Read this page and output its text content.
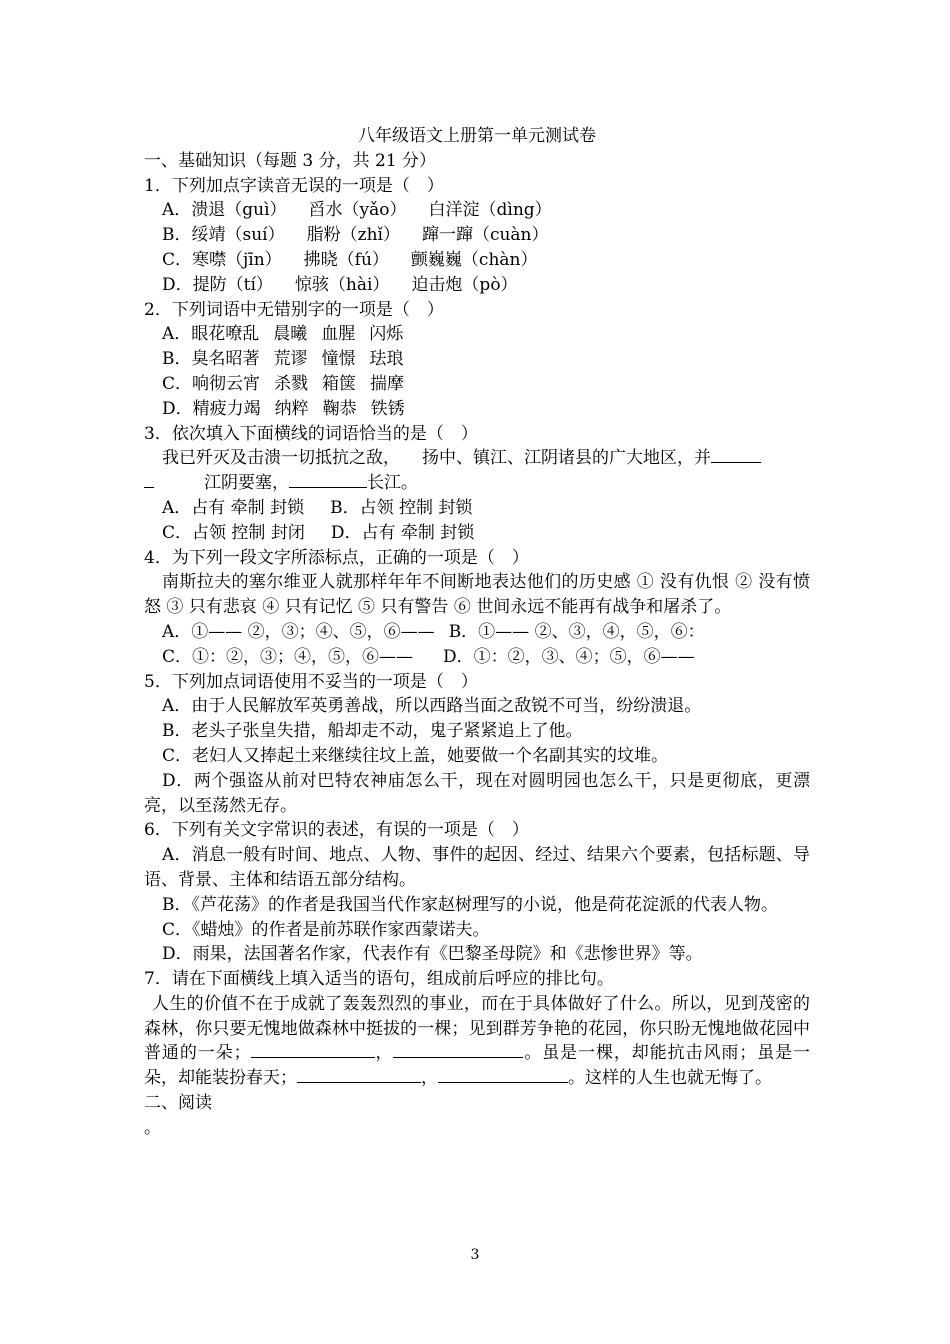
八年级语文上册第一单元测试卷
一、基础知识（每题 3 分，共 21 分）
1．下列加点字读音无误的一项是（　）
A．溃退（guì） 舀水（yǎo） 白洋淀（dìng）
B．绥靖（suí） 脂粉（zhǐ） 蹿一蹿（cuàn）
C．寒噤（jīn） 拂晓（fú） 颤巍巍（chàn）
D．提防（tí） 惊骇（hài） 迫击炮（pò）
2．下列词语中无错别字的一项是（　）
A．眼花嘹乱 晨曦 血腥 闪烁
B．臭名昭著 荒谬 憧憬 珐琅
C．响彻云宵 杀戮 箱箧 揣摩
D．精疲力竭 纳粹 鞠恭 铁锈
3．依次填入下面横线的词语恰当的是（　）
我已歼灭及击溃一切抵抗之敌， 扬中、镇江、江阴诸县的广大地区，并
江阴要塞，	长江。
A．占有 牵制 封锁 B．占领 控制 封锁
C．占领 控制 封闭 D．占有 牵制 封锁
4．为下列一段文字所添标点，正确的一项是（　）
南斯拉夫的塞尔维亚人就那样年年不间断地表达他们的历史感 ① 没有仇恨 ② 没有愤怒 ③ 只有悲哀 ④ 只有记忆 ⑤ 只有警告 ⑥ 世间永远不能再有战争和屠杀了。
A．①—— ②，③；④、⑤，⑥—— B．①—— ②、③，④，⑤，⑥：
C．①：②，③；④，⑤，⑥—— D．①：②，③、④；⑤，⑥——
5．下列加点词语使用不妥当的一项是（　）
A．由于人民解放军英勇善战，所以西路当面之敌锐不可当，纷纷溃退。
B．老头子张皇失措，船却走不动，鬼子紧紧追上了他。
C．老妇人又捧起土来继续往坟上盖，她要做一个名副其实的坟堆。
D．两个强盗从前对巴特农神庙怎么干，现在对圆明园也怎么干，只是更彻底，更漂亮，以至荡然无存。
6．下列有关文字常识的表述，有误的一项是（　）
A．消息一般有时间、地点、人物、事件的起因、经过、结果六个要素，包括标题、导语、背景、主体和结语五部分结构。
B．《芦花荡》的作者是我国当代作家赵树理写的小说，他是荷花淀派的代表人物。
C．《蜡烛》的作者是前苏联作家西蒙诺夫。
D．雨果，法国著名作家，代表作有《巴黎圣母院》和《悲惨世界》等。
7．请在下面横线上填入适当的语句，组成前后呼应的排比句。
人生的价值不在于成就了轰轰烈烈的事业，而在于具体做好了什么。所以，见到茂密的森林，你只要无愧地做森林中挺拔的一棵；见到群芳争艳的花园，你只盼无愧地做花园中普通的一朵；	，	。虽是一棵，却能抗击风雨；虽是一朵，却能装扮春天；	，	。这样的人生也就无悔了。
二、阅读
。
3
